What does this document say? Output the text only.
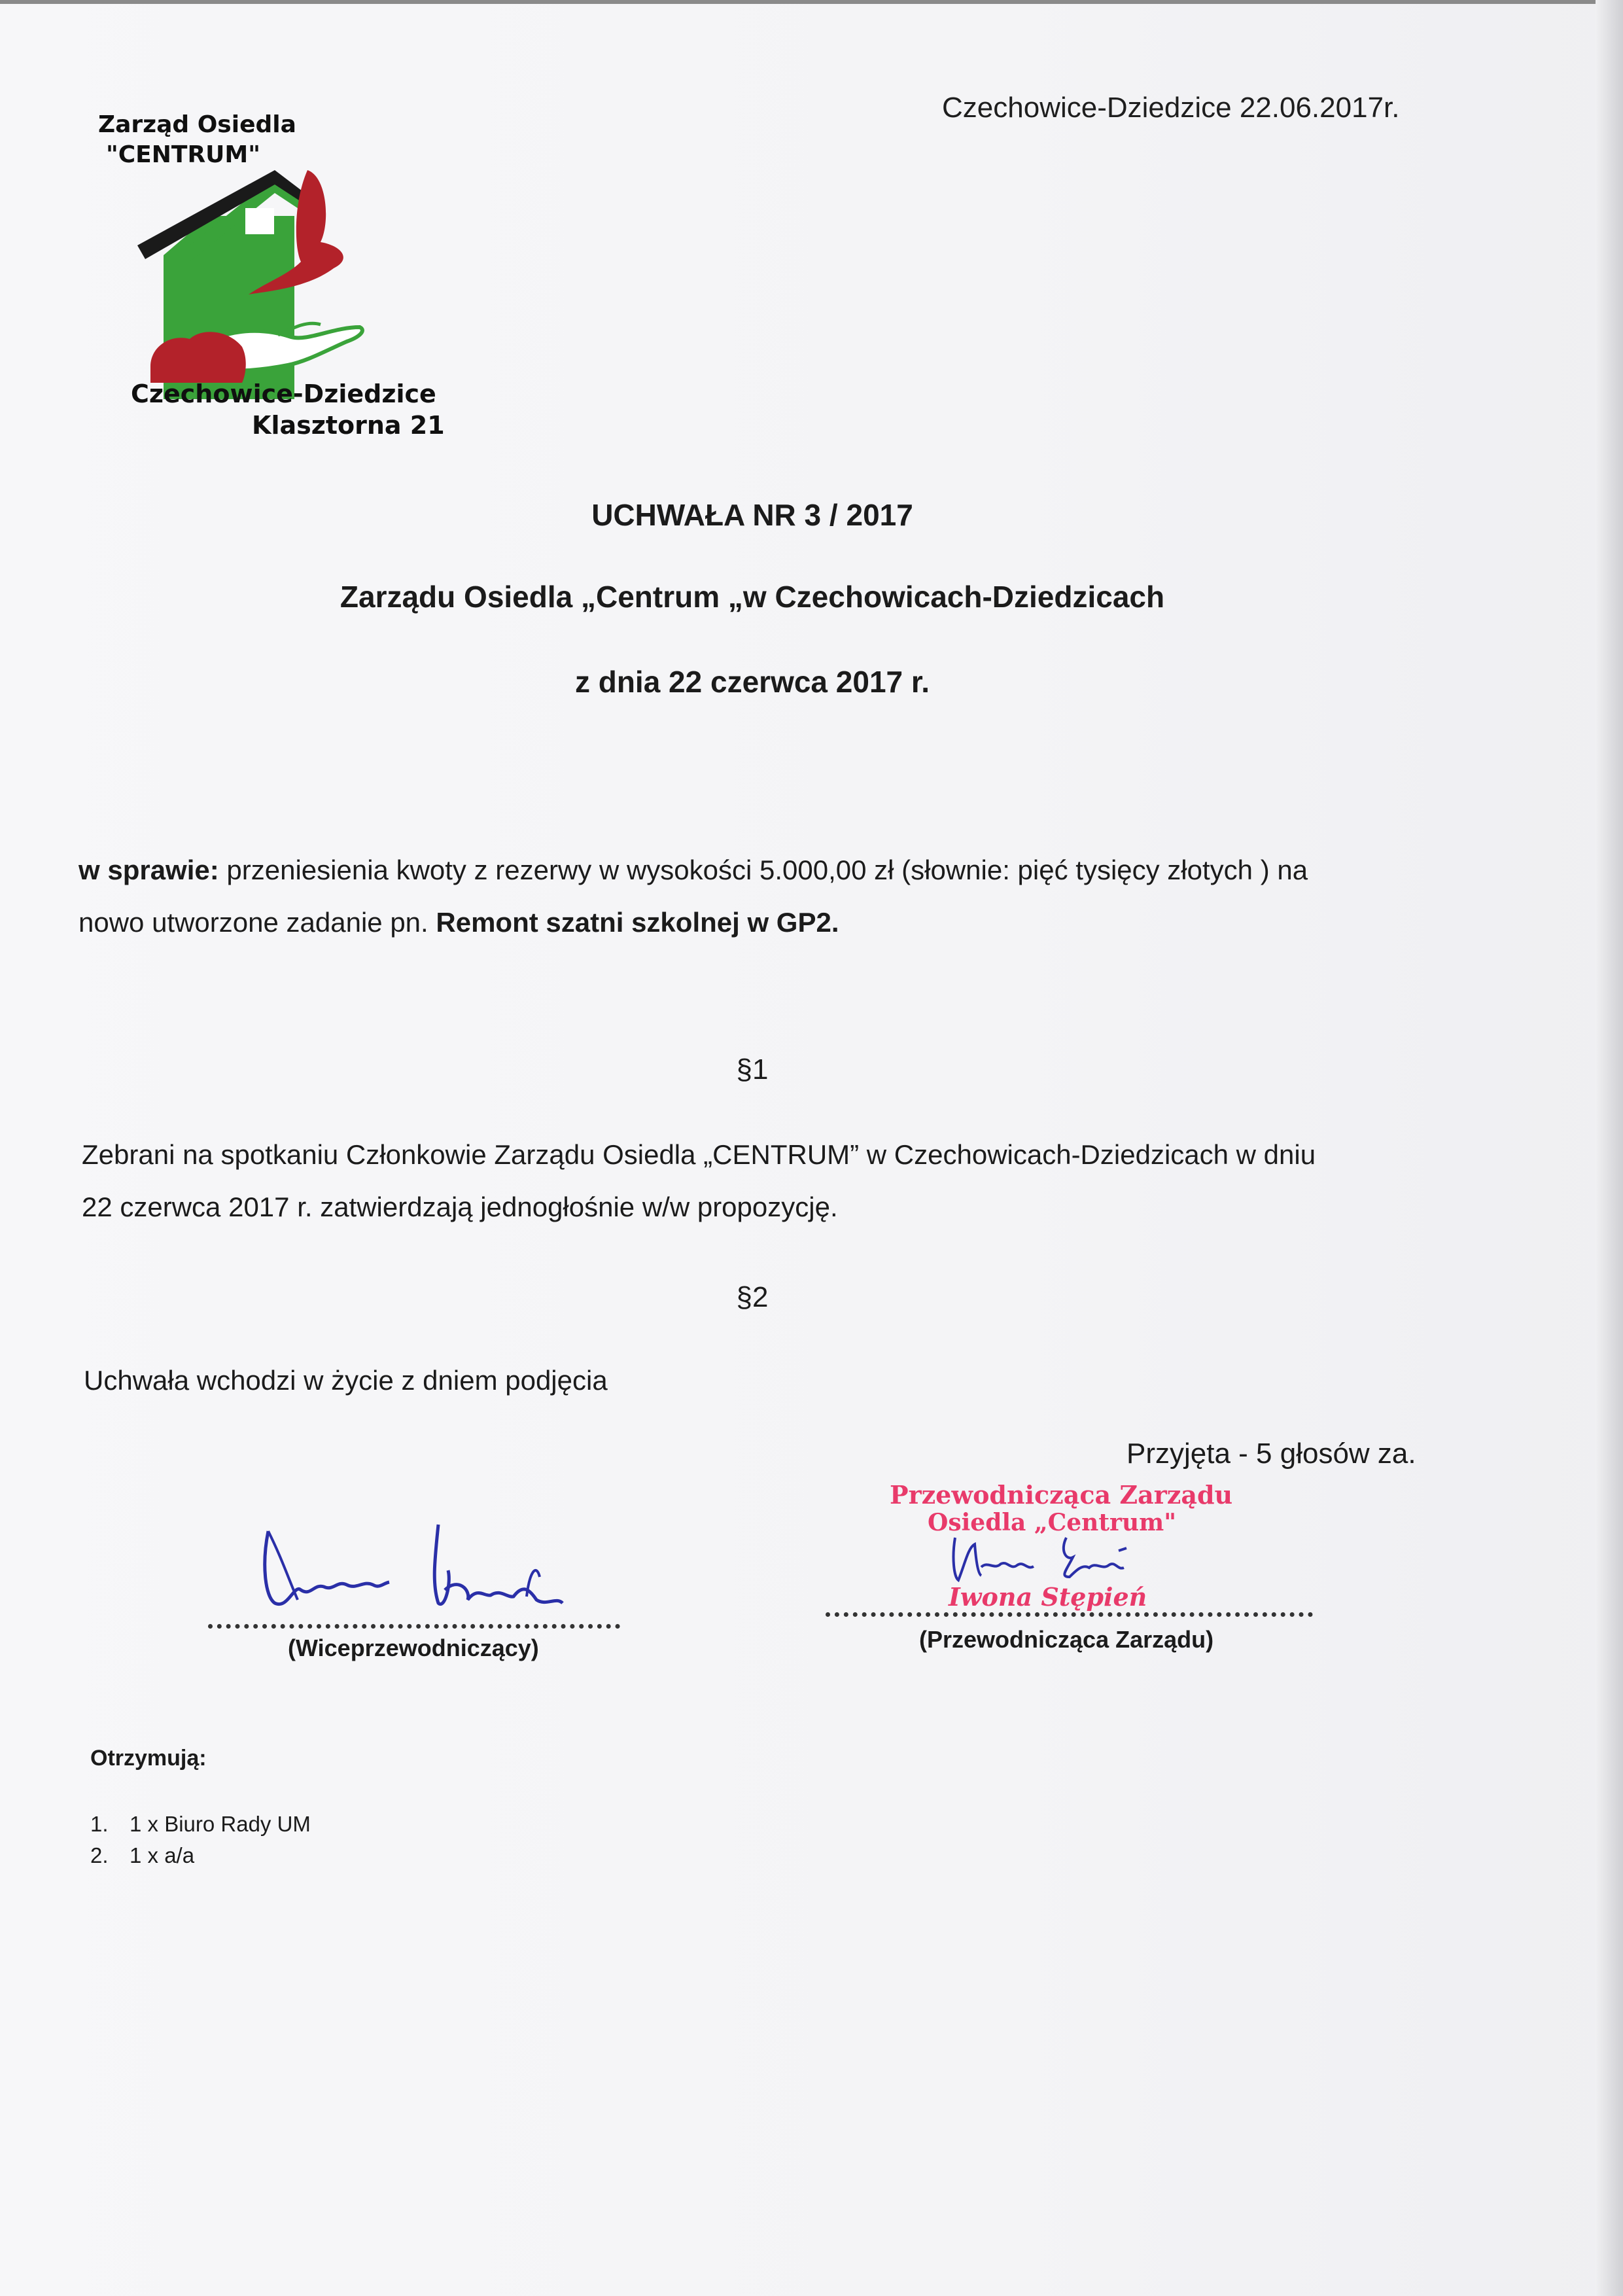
Zarząd Osiedla
"CENTRUM"
Czechowice-Dziedzice
Klasztorna 21
Czechowice-Dziedzice 22.06.2017r.
UCHWAŁA NR 3 / 2017
Zarządu Osiedla „Centrum „w Czechowicach-Dziedzicach
z dnia 22 czerwca 2017 r.
w sprawie: przeniesienia kwoty z rezerwy w wysokości 5.000,00 zł (słownie: pięć tysięcy złotych ) na
nowo utworzone zadanie pn. Remont szatni szkolnej w GP2.
§1
Zebrani na spotkaniu Członkowie Zarządu Osiedla „CENTRUM” w Czechowicach-Dziedzicach w dniu
22 czerwca 2017 r. zatwierdzają jednogłośnie w/w propozycję.
§2
Uchwała wchodzi w życie z dniem podjęcia
Przyjęta - 5 głosów za.
(Wiceprzewodniczący)
Przewodnicząca Zarządu
Osiedla „Centrum"
Iwona Stępień
(Przewodnicząca Zarządu)
Otrzymują:
1. 1 x Biuro Rady UM
2. 1 x a/a
